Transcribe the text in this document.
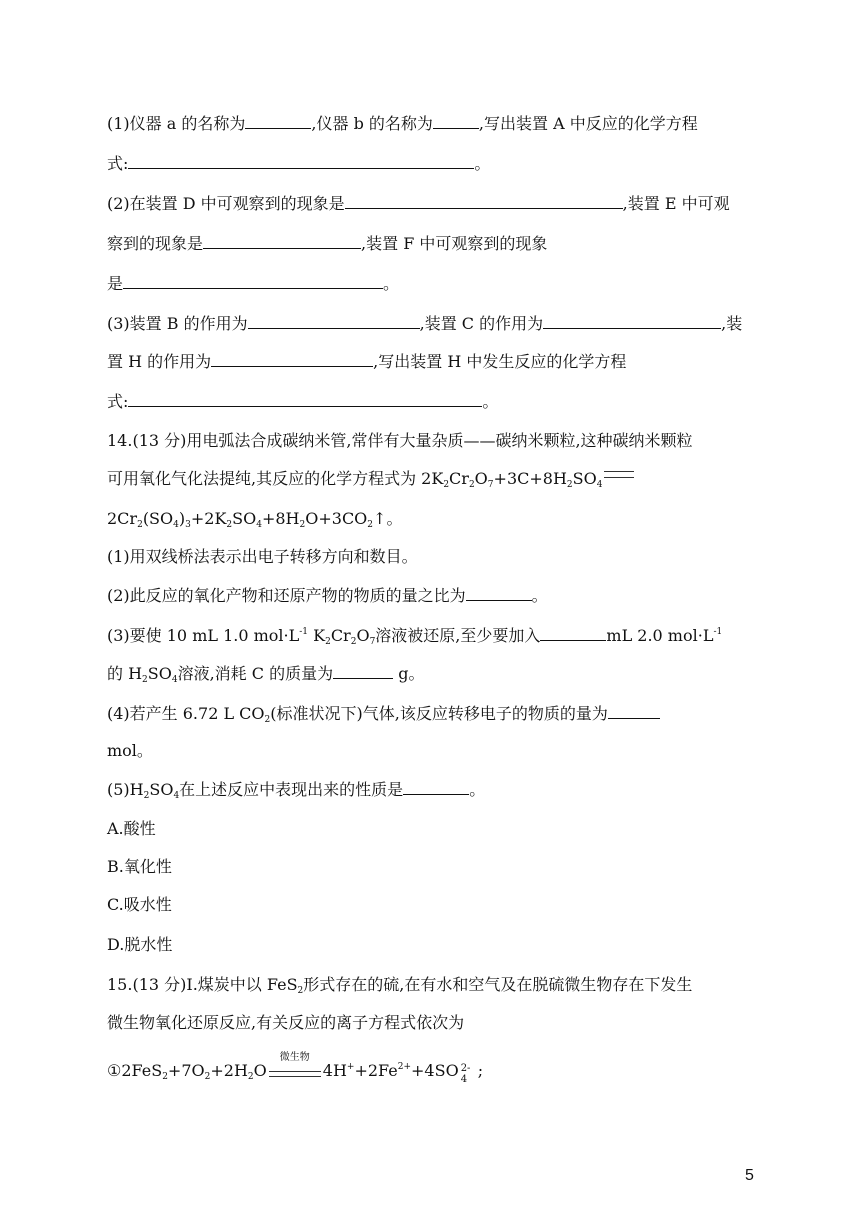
(1)仪器 a 的名称为	,仪器 b 的名称为	,写出装置 A 中反应的化学方程
式:	。
(2)在装置 D 中可观察到的现象是	,装置 E 中可观
察到的现象是	,装置 F 中可观察到的现象
是	。
(3)装置 B 的作用为	,装置 C 的作用为	,装
置 H 的作用为	,写出装置 H 中发生反应的化学方程
式:	。
14.(13 分)用电弧法合成碳纳米管,常伴有大量杂质——碳纳米颗粒,这种碳纳米颗粒
可用氧化气化法提纯,其反应的化学方程式为 $2K_2Cr_2O_7+3C+8H_2SO_4$
$2Cr_2(SO_4)_3+2K_2SO_4+8H_2O+3CO_2↑$。
(1)用双线桥法表示出电子转移方向和数目。
(2)此反应的氧化产物和还原产物的物质的量之比为	。
(3)要使 10 mL 1.0 $mol\cdot L^{-1}$ $K_2Cr_2O_7$溶液被还原,至少要加入	mL 2.0 $mol\cdot L^{-1}$
的 $H_2SO_4$溶液,消耗 C 的质量为	g。
(4)若产生 6.72 L $CO_2$(标准状况下)气体,该反应转移电子的物质的量为
mol。
$(5)H_2SO_4$在上述反应中表现出来的性质是	。
A.酸性
B.氧化性
C.吸水性
D.脱水性
15.(13 分)Ⅰ.煤炭中以 FeS$_2$形式存在的硫,在有水和空气及在脱硫微生物存在下发生
微生物氧化还原反应,有关反应的离子方程式依次为
$①2FeS_2+7O_2+2H_2O$
微生物
$4H^++2Fe^{2+}+4SO$ 2-
4 ;
5
